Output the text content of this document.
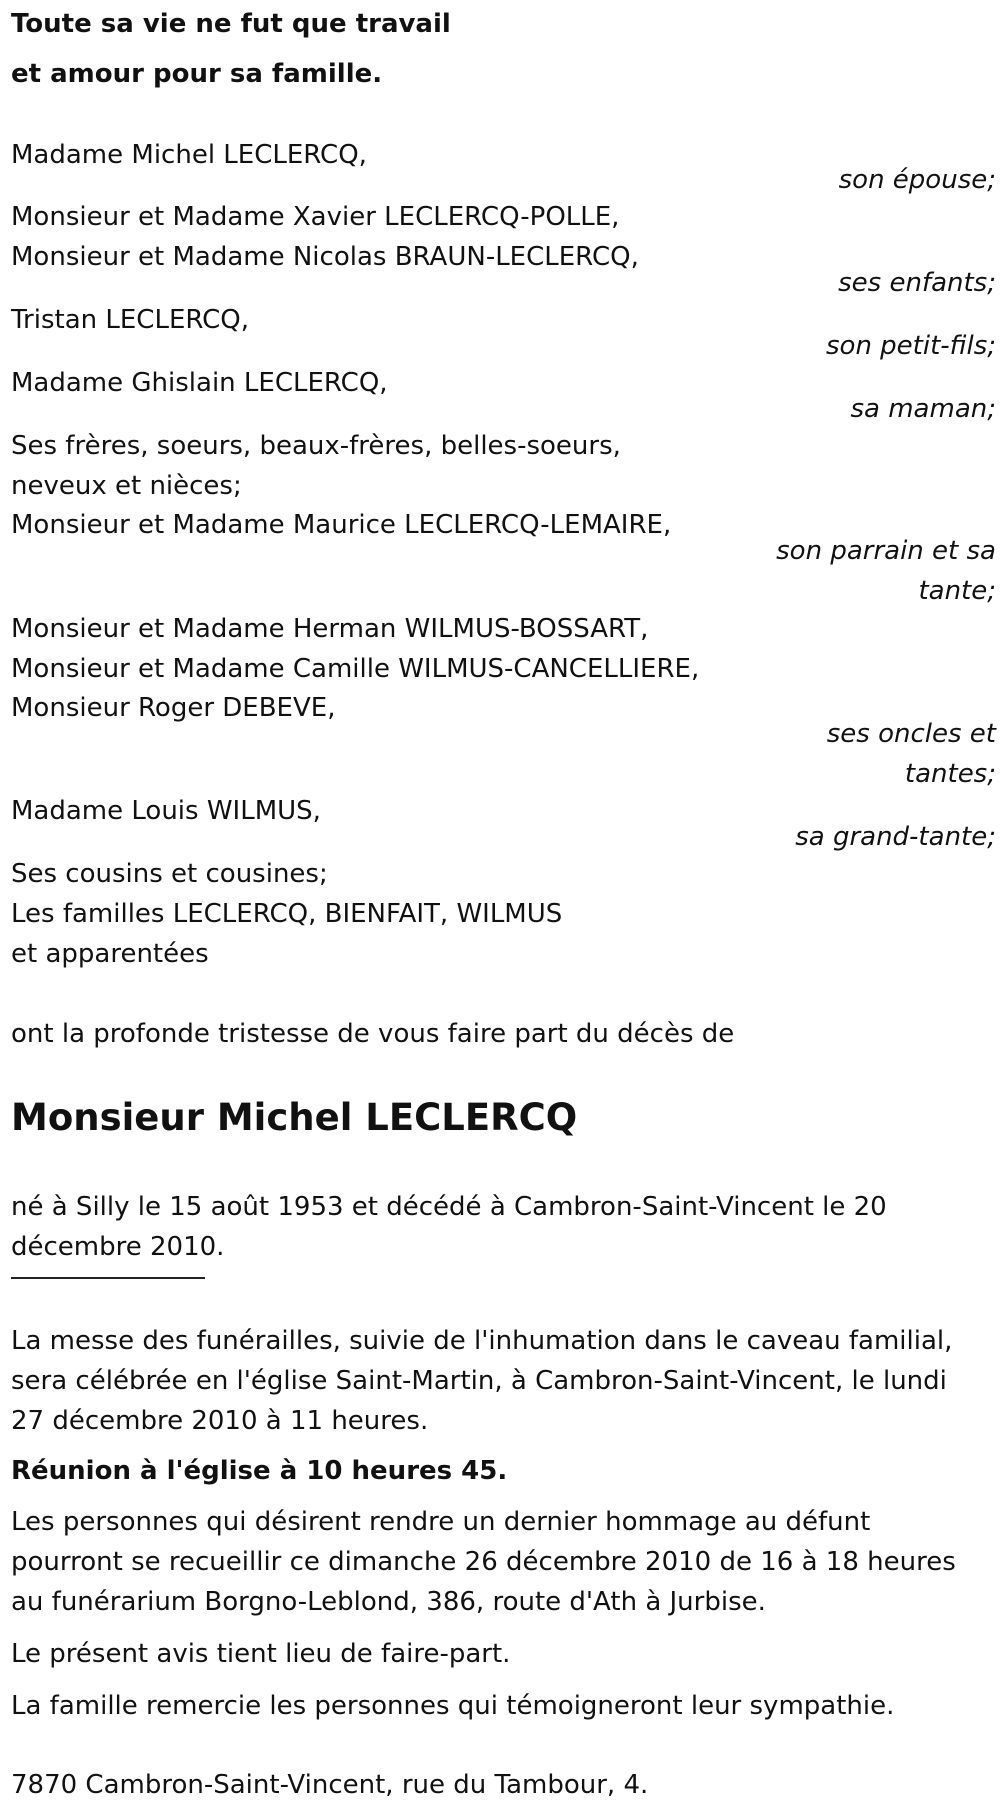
Toute sa vie ne fut que travail

et amour pour sa famille.

Madame Michel LECLERCQ,

son épouse;

Monsieur et Madame Xavier LECLERCQ-POLLE,

Monsieur et Madame Nicolas BRAUN-LECLERCQ,

ses enfants;

Tristan LECLERCQ,

son petit-fils;

Madame Ghislain LECLERCQ,

sa maman;

Ses frères, soeurs, beaux-frères, belles-soeurs,

neveux et nièces;

Monsieur et Madame Maurice LECLERCQ-LEMAIRE,

son parrain et sa

tante;

Monsieur et Madame Herman WILMUS-BOSSART,

Monsieur et Madame Camille WILMUS-CANCELLIERE,

Monsieur Roger DEBEVE,

ses oncles et

tantes;

Madame Louis WILMUS,

sa grand-tante;

Ses cousins et cousines;

Les familles LECLERCQ, BIENFAIT, WILMUS

et apparentées

ont la profonde tristesse de vous faire part du décès de

Monsieur Michel LECLERCQ

né à Silly le 15 août 1953 et décédé à Cambron-Saint-Vincent le 20

décembre 2010.

La messe des funérailles, suivie de l'inhumation dans le caveau familial,

sera célébrée en l'église Saint-Martin, à Cambron-Saint-Vincent, le lundi

27 décembre 2010 à 11 heures.

Réunion à l'église à 10 heures 45.

Les personnes qui désirent rendre un dernier hommage au défunt

pourront se recueillir ce dimanche 26 décembre 2010 de 16 à 18 heures

au funérarium Borgno-Leblond, 386, route d'Ath à Jurbise.

Le présent avis tient lieu de faire-part.

La famille remercie les personnes qui témoigneront leur sympathie.

7870 Cambron-Saint-Vincent, rue du Tambour, 4.
